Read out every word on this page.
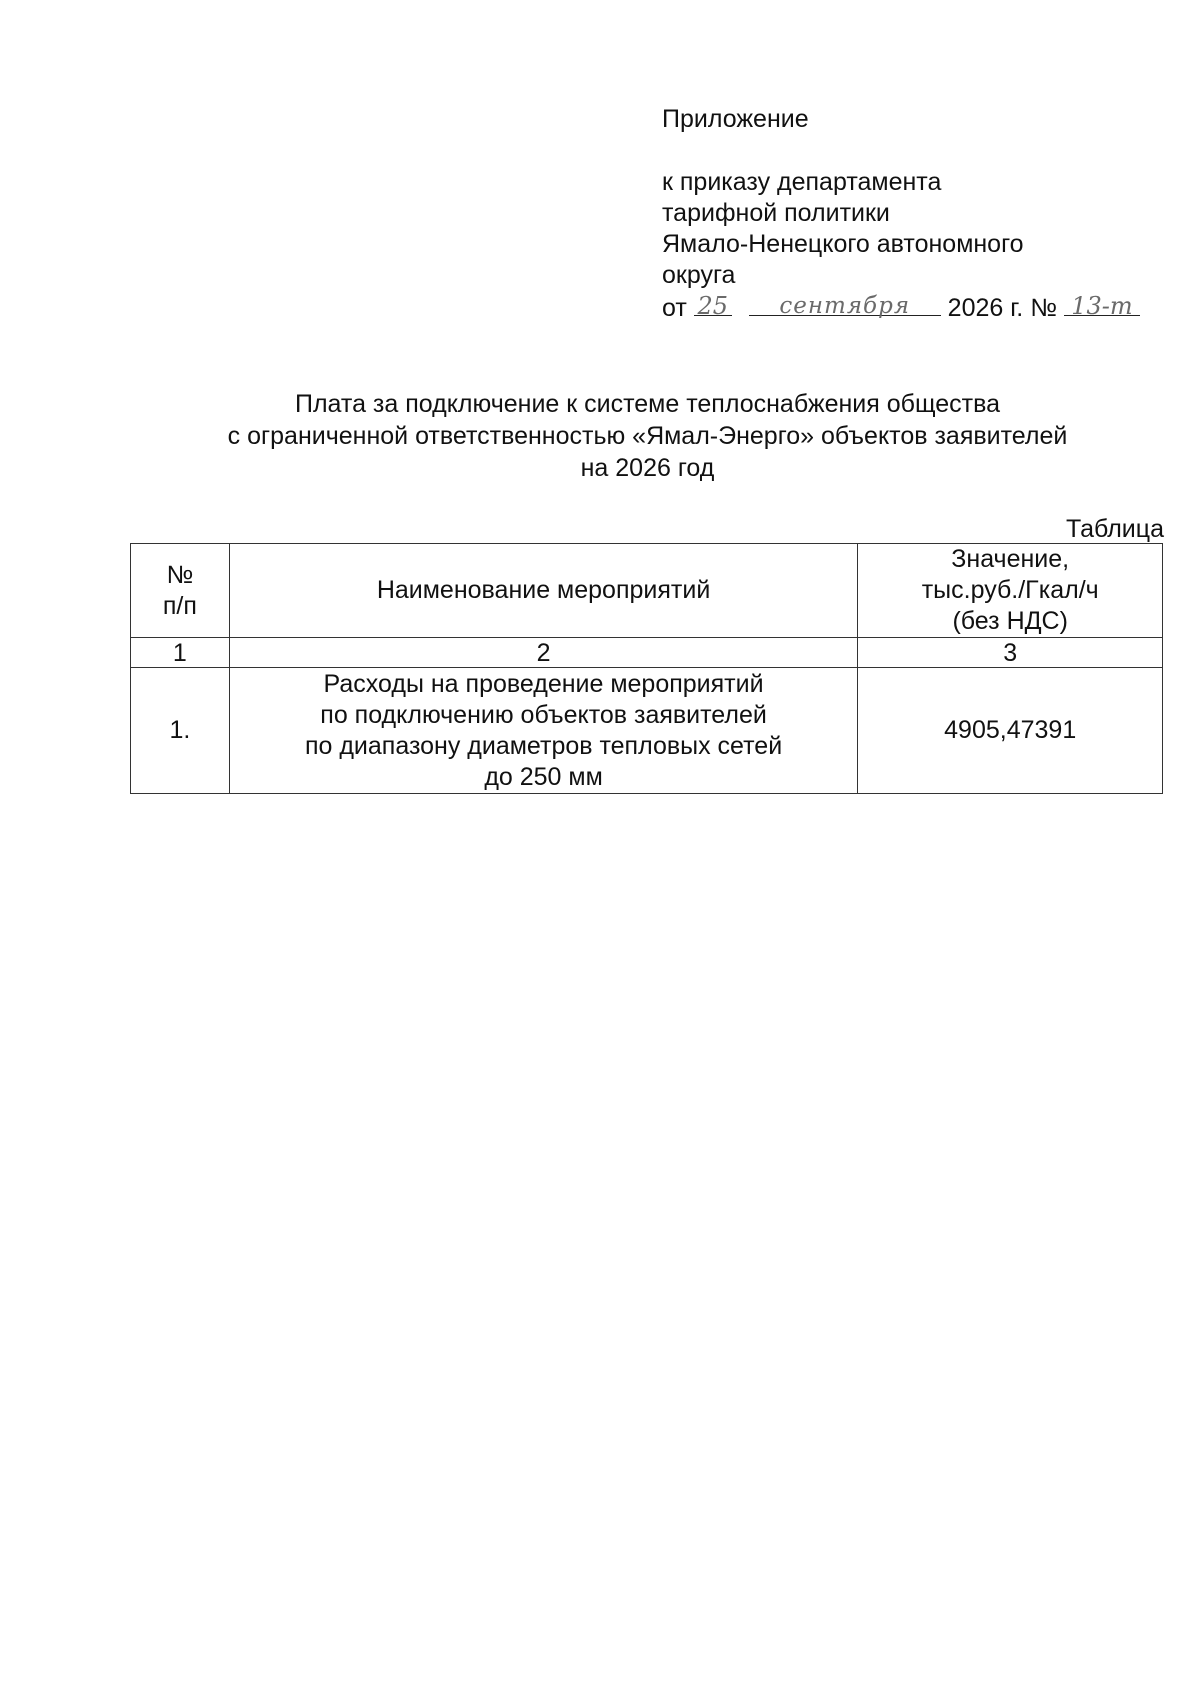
Приложение
к приказу департамента
тарифной политики
Ямало-Ненецкого автономного
округа
от 25
	сентября	2026 г. № 13-т
Плата за подключение к системе теплоснабжения общества
с ограниченной ответственностью «Ямал-Энерго» объектов заявителей
на 2026 год
Таблица
№
п/п	Наименование мероприятий	Значение,
тыс.руб./Гкал/ч
(без НДС)

1	2	3
1.	Расходы на проведение мероприятий
по подключению объектов заявителей
по диапазону диаметров тепловых сетей
до 250 мм	4905,47391
